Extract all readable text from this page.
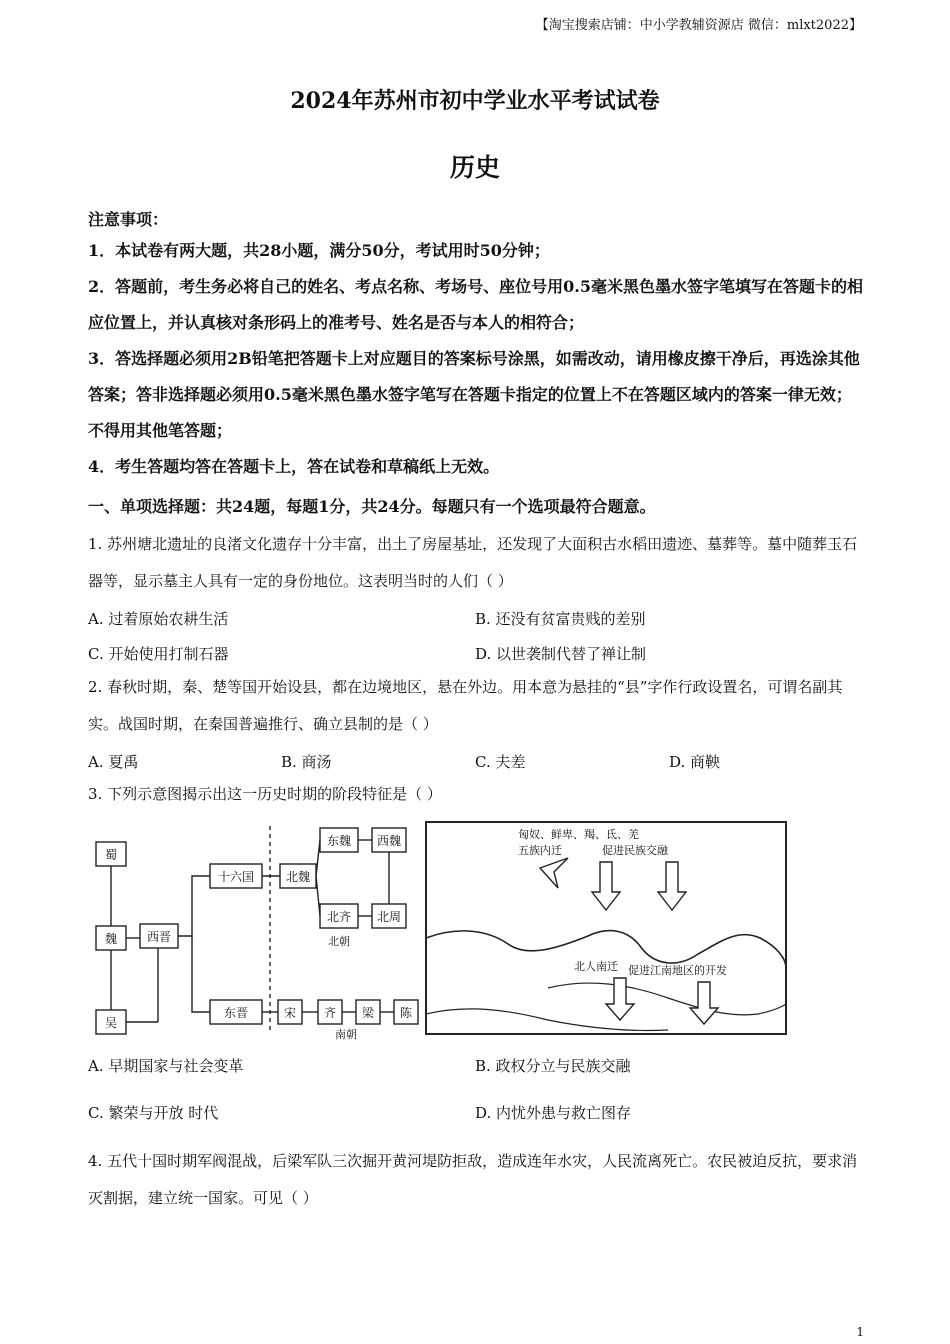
【淘宝搜索店铺：中小学教辅资源店 微信：mlxt2022】
2024年苏州市初中学业水平考试试卷
历史
注意事项：
1．本试卷有两大题，共28小题，满分50分，考试用时50分钟；
2．答题前，考生务必将自己的姓名、考点名称、考场号、座位号用0.5毫米黑色墨水签字笔填写在答题卡的相应位置上，并认真核对条形码上的准考号、姓名是否与本人的相符合；
3．答选择题必须用2B铅笔把答题卡上对应题目的答案标号涂黑，如需改动，请用橡皮擦干净后，再选涂其他答案；答非选择题必须用0.5毫米黑色墨水签字笔写在答题卡指定的位置上不在答题区域内的答案一律无效；不得用其他笔答题；
4．考生答题均答在答题卡上，答在试卷和草稿纸上无效。
一、单项选择题：共24题，每题1分，共24分。每题只有一个选项最符合题意。
1. 苏州塘北遗址的良渚文化遗存十分丰富，出土了房屋基址，还发现了大面积古水稻田遗迹、墓葬等。墓中随葬玉石器等，显示墓主人具有一定的身份地位。这表明当时的人们（ ）
A. 过着原始农耕生活	B. 还没有贫富贵贱的差别
C. 开始使用打制石器	D. 以世袭制代替了禅让制
2. 春秋时期，秦、楚等国开始设县，都在边境地区，悬在外边。用本意为悬挂的“县”字作行政设置名，可谓名副其实。战国时期，在秦国普遍推行、确立县制的是（ ）
A. 夏禹	B. 商汤	C. 夫差	D. 商鞅
3. 下列示意图揭示出这一历史时期的阶段特征是（ ）
蜀
魏
吴
西晋
十六国
东晋
北魏
东魏 西魏
北齐 北周
北朝
宋 齐 梁 陈
南朝
匈奴、鲜卑、羯、氐、羌
五族内迁	促进民族交融
北人南迁 促进江南地区的开发
A. 早期国家与社会变革	B. 政权分立与民族交融
C. 繁荣与开放 时代	D. 内忧外患与救亡图存
4. 五代十国时期军阀混战，后梁军队三次掘开黄河堤防拒敌，造成连年水灾，人民流离死亡。农民被迫反抗，要求消灭割据，建立统一国家。可见（ ）
1
